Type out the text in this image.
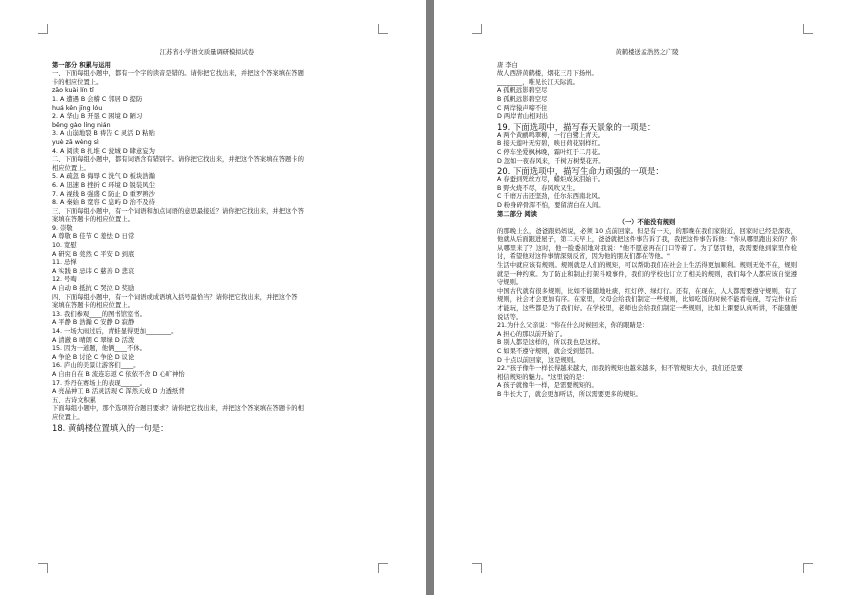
江苏省小学语文质量调研模拟试卷
第一部分 积累与运用
一、下面每组小题中，都有一个字的读音是错的。请你把它找出来，并把这个答案填在答题
卡的相应位置上。
zāo kuài lín tǐ
1. A 遭遇 B 会稽 C 邻居 D 提防
huá kěn jīng lóu
2. A 华山 B 开垦 C 困境 D 陋习
bēng gào líng nián
3. A 山崩地裂 B 祷告 C 灵活 D 粘贴
yuè zā wèng sì
4. A 阅读 B 扎堆 C 瓮城 D 肆意妄为
二、下面每组小题中，都有词语含有错别字。请你把它找出来，并把这个答案填在答题卡的
相应位置上。
5. A 疏忽 B 侮辱 C 洗气 D 板块浩瀚
6. A 迅速 B 挫折 C 环境 D 锐装风尘
7. A 视线 B 强盛 C 防止 D 重罗辨沙
8. A 秦始 B 宽容 C 息屿 D 治不及待
三、下面每组小题中，有一个词语和加点词语的意思最接近？请你把它找出来，并把这个答
案填在答题卡的相应位置上。
9. 崇敬
A 尊敬 B 佳节 C 羞怯 D 日常
10. 宽慰
A 研究 B 莞然 C 平安 D 到底
11. 忌惮
A 实践 B 忌讳 C 慈善 D 悲哀
12. 号啕
A 自动 B 抵抗 C 哭泣 D 奖励
四、下面每组小题中，有一个词语或成语填入括号最恰当？请你把它找出来，并把这个答
案填在答题卡的相应位置上。
13. 我们参观____的图书馆室书。
A 平静 B 浩瀚 C 安静 D 寂静
14. 一场大雨过后，青蛙显得更加________。
A 清澈 B 晴朗 C 翠绿 D 活泼
15. 因为一道题，他俩____不休。
A 争论 B 讨论 C 争论 D 议论
16. 庐山的美景让游客们____。
A 自由自在 B 流连忘返 C 依依不舍 D 心旷神怡
17. 乔丹在赛场上的表现______。
A 亮晶神工 B 活灵活现 C 浑然天成 D 力透纸背
五、古诗文积累
下面每组小题中，那个选项符合题目要求？请你把它找出来，并把这个答案填在答题卡的相
应位置上。
18. 黄鹤楼位置填入的一句是：
黄鹤楼送孟浩然之广陵
唐 李白
故人西辞黄鹤楼，烟花三月下扬州。
________，唯见长江天际流。
A 孤帆远影碧空尽
B 孤帆远影碧空尽
C 两岸猿声啼不住
D 两岸青山相对出
19. 下面选项中，描写春天景象的一项是：
A 两个黄鹂鸣翠柳，一行白鹭上青天。
B 接天莲叶无穷碧，映日荷花别样红。
C 停车坐爱枫林晚，霜叶红于二月花。
D 忽如一夜春风来，千树万树梨花开。
20. 下面选项中，描写生命力顽强的一项是：
A 春蚕到死丝方尽，蜡炬成灰泪始干。
B 野火烧不尽，春风吹又生。
C 千磨万击还坚劲，任尔东西南北风。
D 粉身碎骨浑不怕，要留清白在人间。
第二部分 阅读
（一）不能没有规则
的那晚上么，爸爸跟妈妈说，必须 10 点前回家。但是有一天，的那晚在我们家附近，回家时已经是深夜，他就从后面跟进屋子，第二天早上，爸爸就把这件事告诉了我，我把这件事告诉他："你从哪里跑出来的？你从哪里来了？这时，他一脸委屈地对我说："他不愿意再在门口等着了。为了惩罚他，我需要他到家里作检讨，希望他对这件事情深刻反省，因为他的朋友们都在等他。"
生活中就应该有规则。规则就是人们的规矩，可以帮助我们在社会上生活得更加顺利。规则无处不在，规则就是一种约束。为了防止和制止打架斗殴事件，我们的学校也订立了相关的规则，我们每个人都应该自觉遵守规则。
中国古代就有很多规则，比如不能随地吐痰，红灯停、绿灯行。还有，在现在，人人都需要遵守规则，有了规则，社会才会更加有序。在家里，父母会给我们制定一些规则，比如吃饭的时候不能看电视，写完作业后才能玩，这些都是为了我们好。在学校里，老师也会给我们制定一些规则，比如上课要认真听讲，不能随便说话等。
21.为什么父亲说："你在什么时候回来，你的眼睛是：
A 担心的那以前开始了。
B 别人都是这样的，所以我也是这样。
C 如果不遵守规则，就会受到惩罚。
D 十点以前回家，这是规则。
22."孩子像牛一样长得越来越大，而我的规矩也越来越多，但不管规矩大小，我们还是要
相信规矩的魅力。"这里说的是：
A 孩子就像牛一样，是需要规矩的。
B 牛长大了，就会更加听话，所以需要更多的规矩。
